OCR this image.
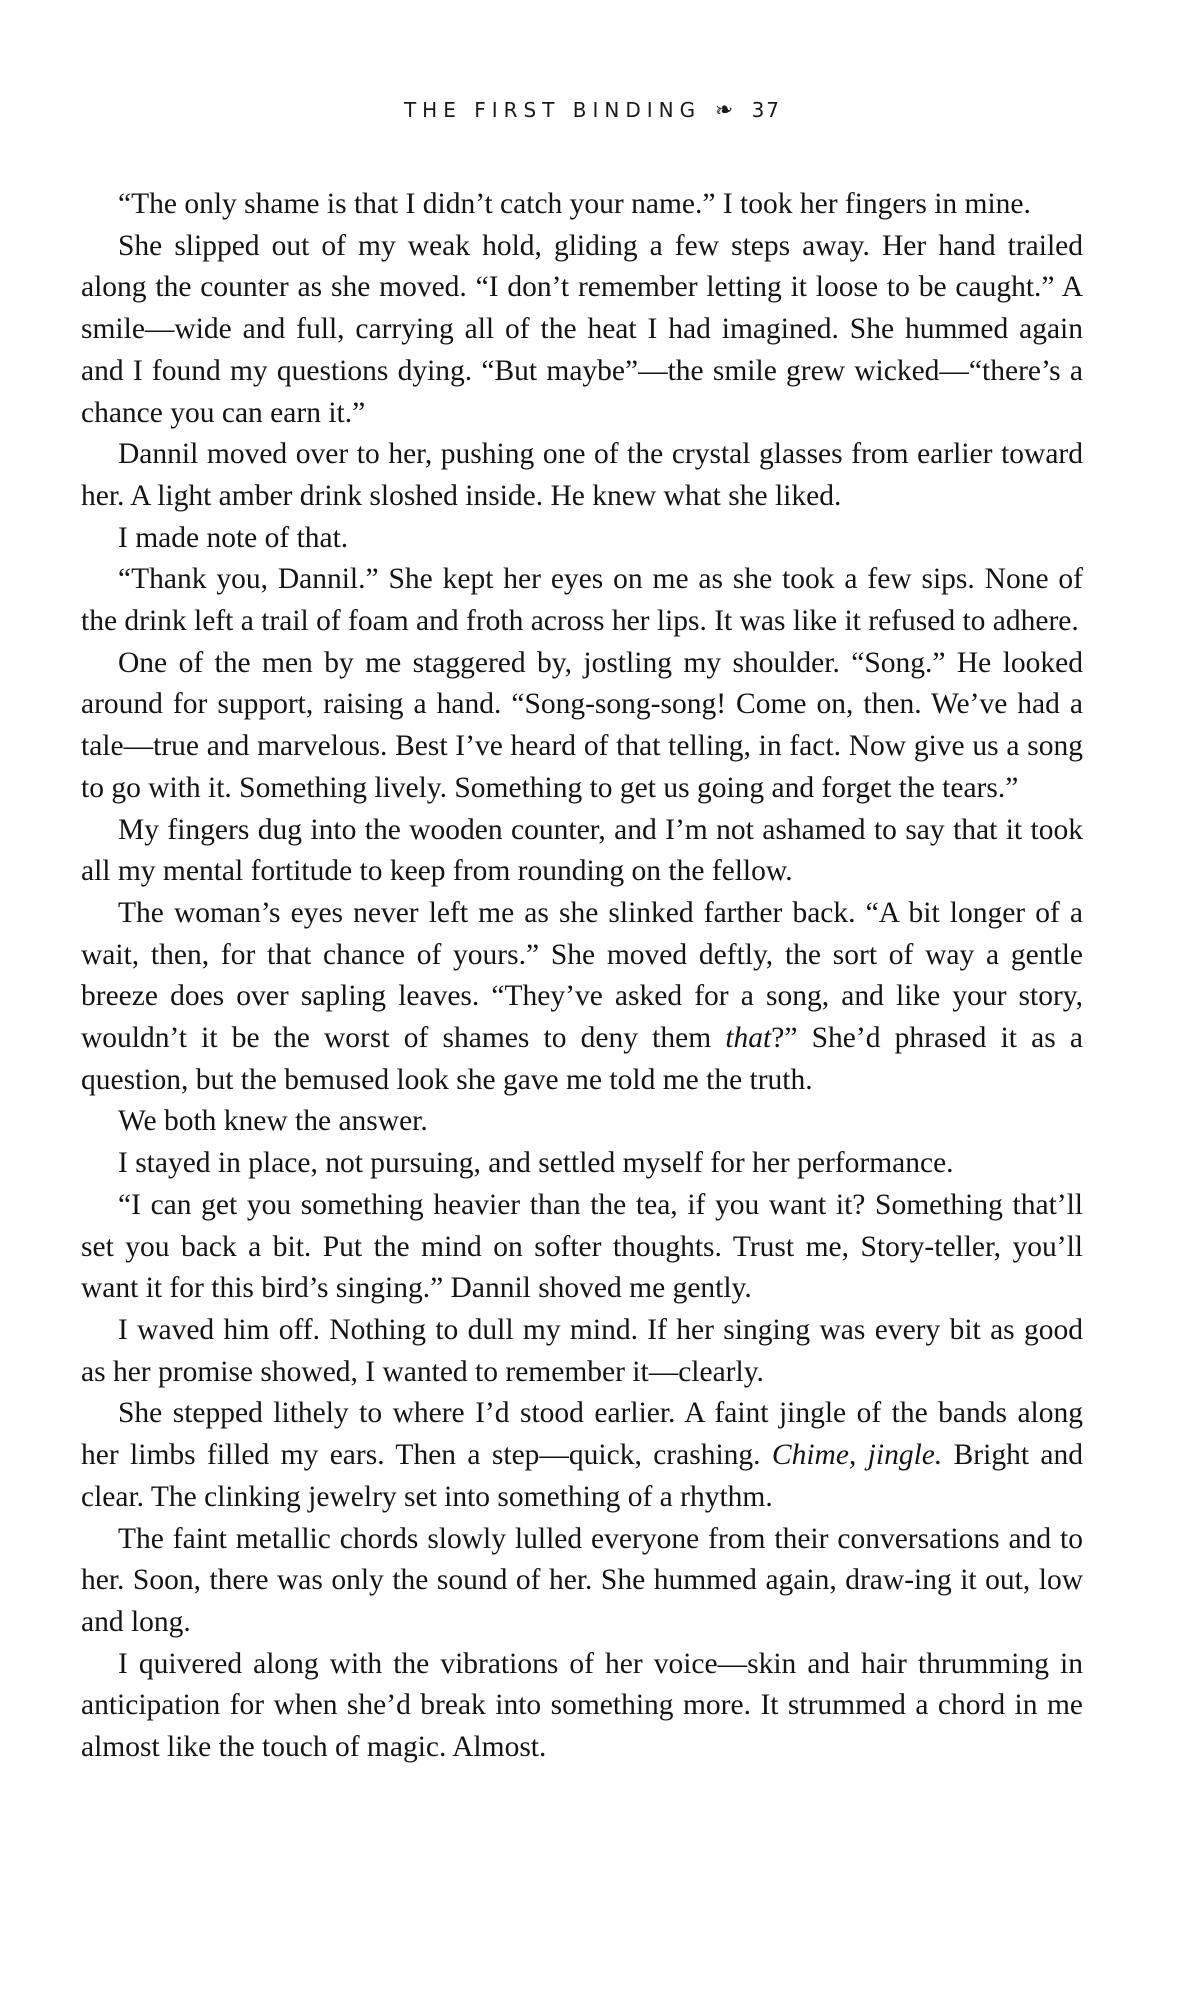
THE FIRST BINDING ❧ 37

“The only shame is that I didn’t catch your name.” I took her fingers in mine.

She slipped out of my weak hold, gliding a few steps away. Her hand trailed along the counter as she moved. “I don’t remember letting it loose to be caught.” A smile—wide and full, carrying all of the heat I had imagined. She hummed again and I found my questions dying. “But maybe”—the smile grew wicked—“there’s a chance you can earn it.”

Dannil moved over to her, pushing one of the crystal glasses from earlier toward her. A light amber drink sloshed inside. He knew what she liked.

I made note of that.

“Thank you, Dannil.” She kept her eyes on me as she took a few sips. None of the drink left a trail of foam and froth across her lips. It was like it refused to adhere.

One of the men by me staggered by, jostling my shoulder. “Song.” He looked around for support, raising a hand. “Song-song-song! Come on, then. We’ve had a tale—true and marvelous. Best I’ve heard of that telling, in fact. Now give us a song to go with it. Something lively. Something to get us going and forget the tears.”

My fingers dug into the wooden counter, and I’m not ashamed to say that it took all my mental fortitude to keep from rounding on the fellow.

The woman’s eyes never left me as she slinked farther back. “A bit longer of a wait, then, for that chance of yours.” She moved deftly, the sort of way a gentle breeze does over sapling leaves. “They’ve asked for a song, and like your story, wouldn’t it be the worst of shames to deny them that?” She’d phrased it as a question, but the bemused look she gave me told me the truth.

We both knew the answer.

I stayed in place, not pursuing, and settled myself for her performance.

“I can get you something heavier than the tea, if you want it? Something that’ll set you back a bit. Put the mind on softer thoughts. Trust me, Story-teller, you’ll want it for this bird’s singing.” Dannil shoved me gently.

I waved him off. Nothing to dull my mind. If her singing was every bit as good as her promise showed, I wanted to remember it—clearly.

She stepped lithely to where I’d stood earlier. A faint jingle of the bands along her limbs filled my ears. Then a step—quick, crashing. Chime, jingle. Bright and clear. The clinking jewelry set into something of a rhythm.

The faint metallic chords slowly lulled everyone from their conversations and to her. Soon, there was only the sound of her. She hummed again, draw-ing it out, low and long.

I quivered along with the vibrations of her voice—skin and hair thrumming in anticipation for when she’d break into something more. It strummed a chord in me almost like the touch of magic. Almost.
